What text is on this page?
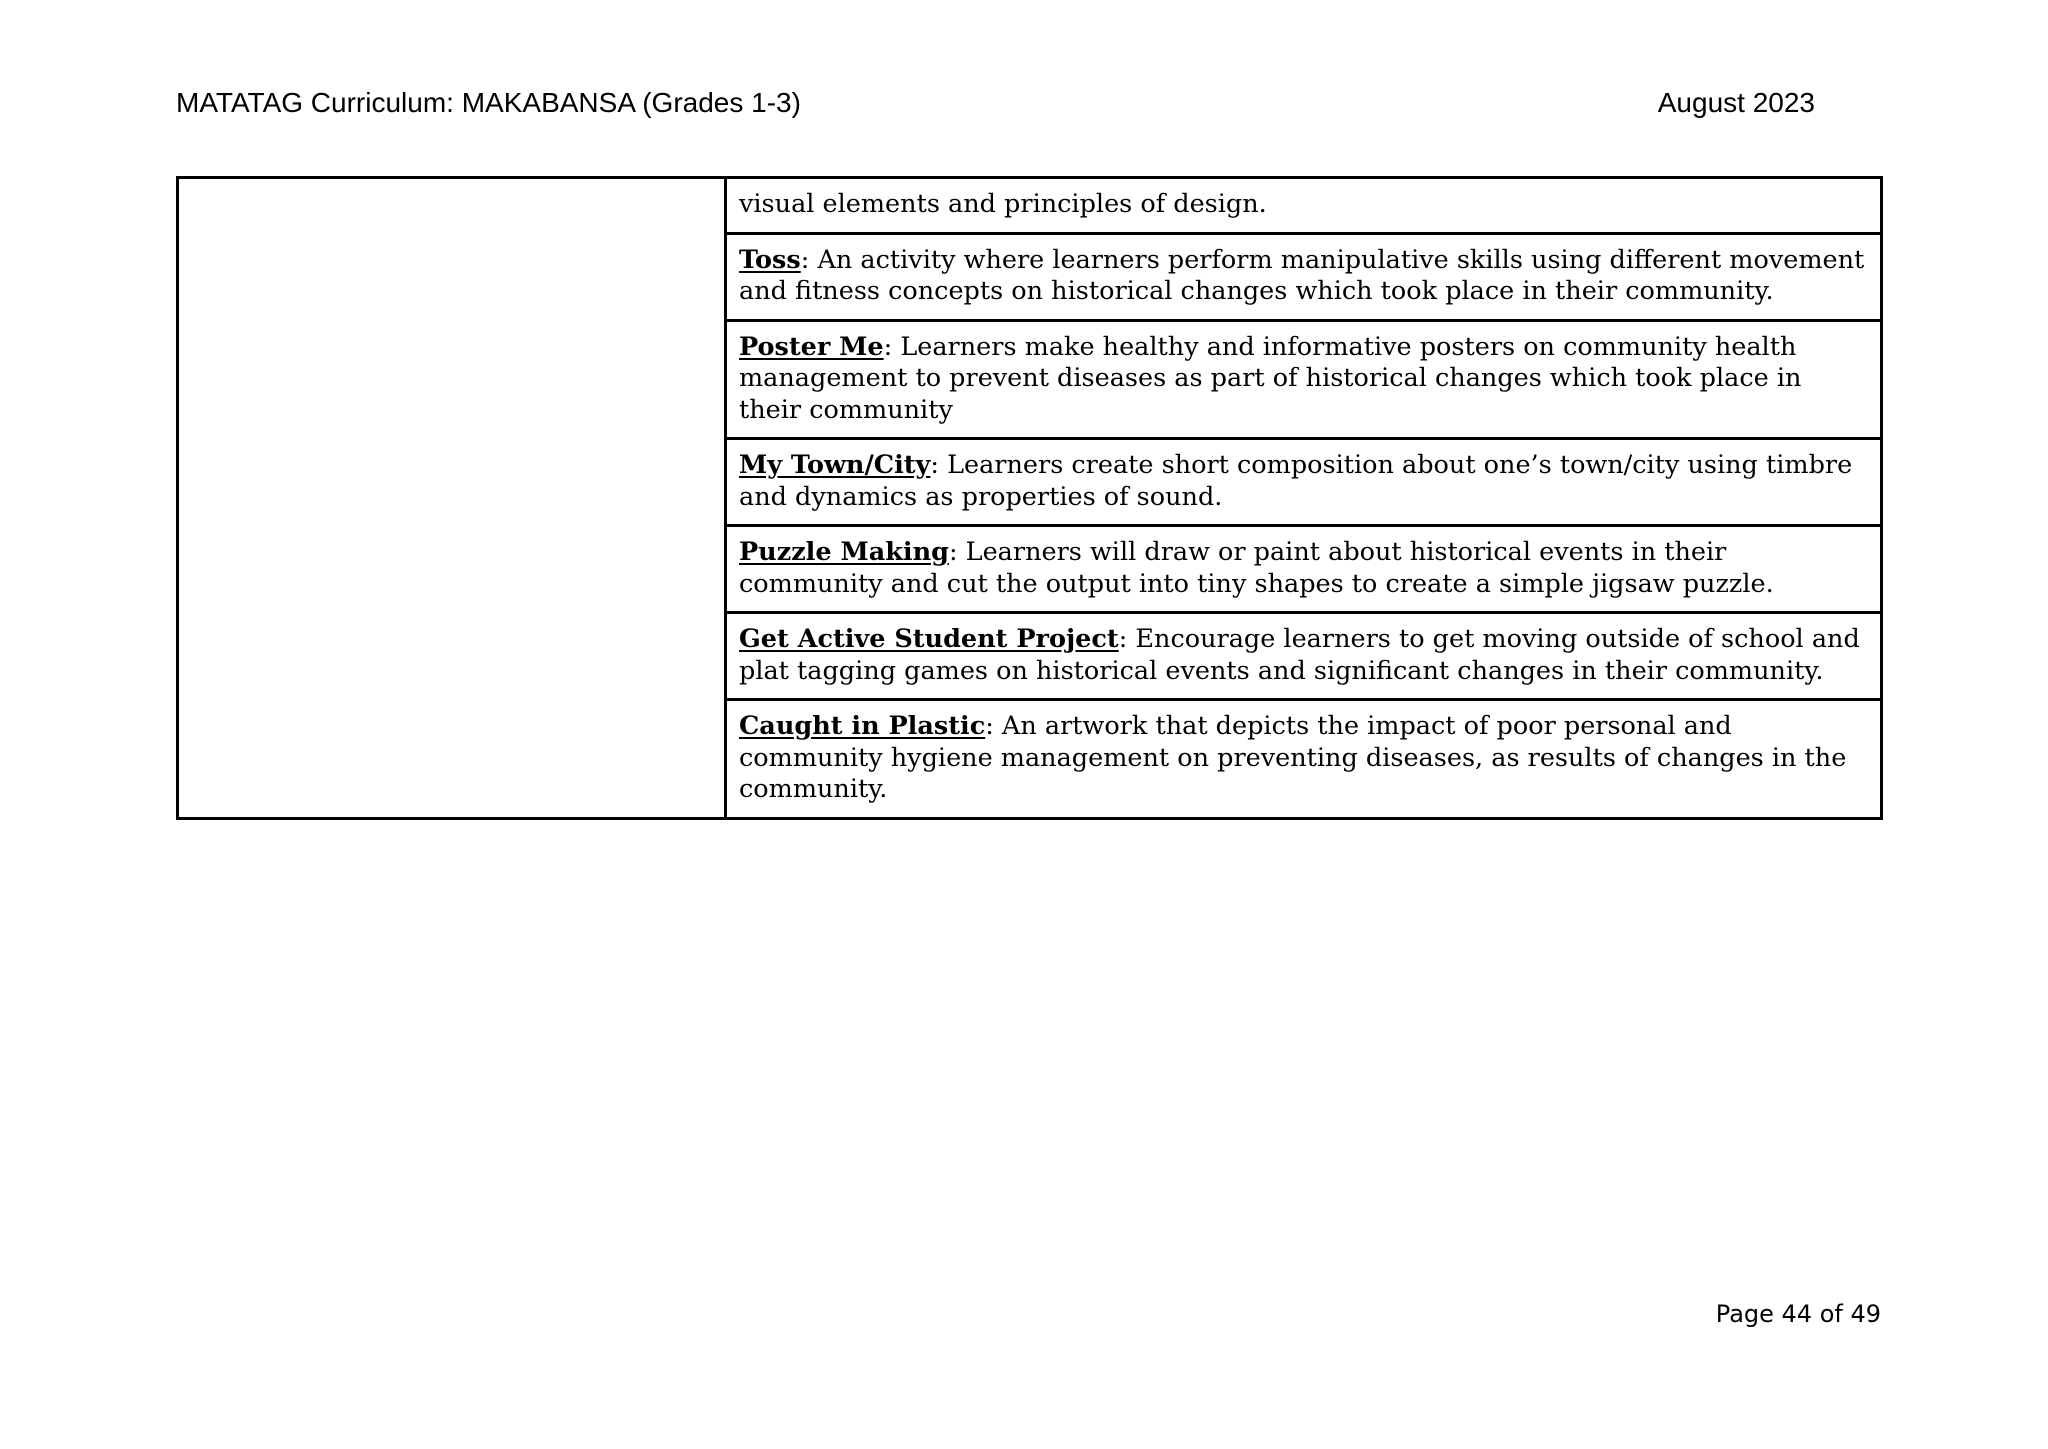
MATATAG Curriculum: MAKABANSA (Grades 1-3)	August 2023
	visual elements and principles of design.
Toss: An activity where learners perform manipulative skills using different movement and fitness concepts on historical changes which took place in their community.
Poster Me: Learners make healthy and informative posters on community health management to prevent diseases as part of historical changes which took place in their community
My Town/City: Learners create short composition about one’s town/city using timbre and dynamics as properties of sound.
Puzzle Making: Learners will draw or paint about historical events in their community and cut the output into tiny shapes to create a simple jigsaw puzzle.
Get Active Student Project: Encourage learners to get moving outside of school and plat tagging games on historical events and significant changes in their community.
Caught in Plastic: An artwork that depicts the impact of poor personal and community hygiene management on preventing diseases, as results of changes in the community.
Page 44 of 49
